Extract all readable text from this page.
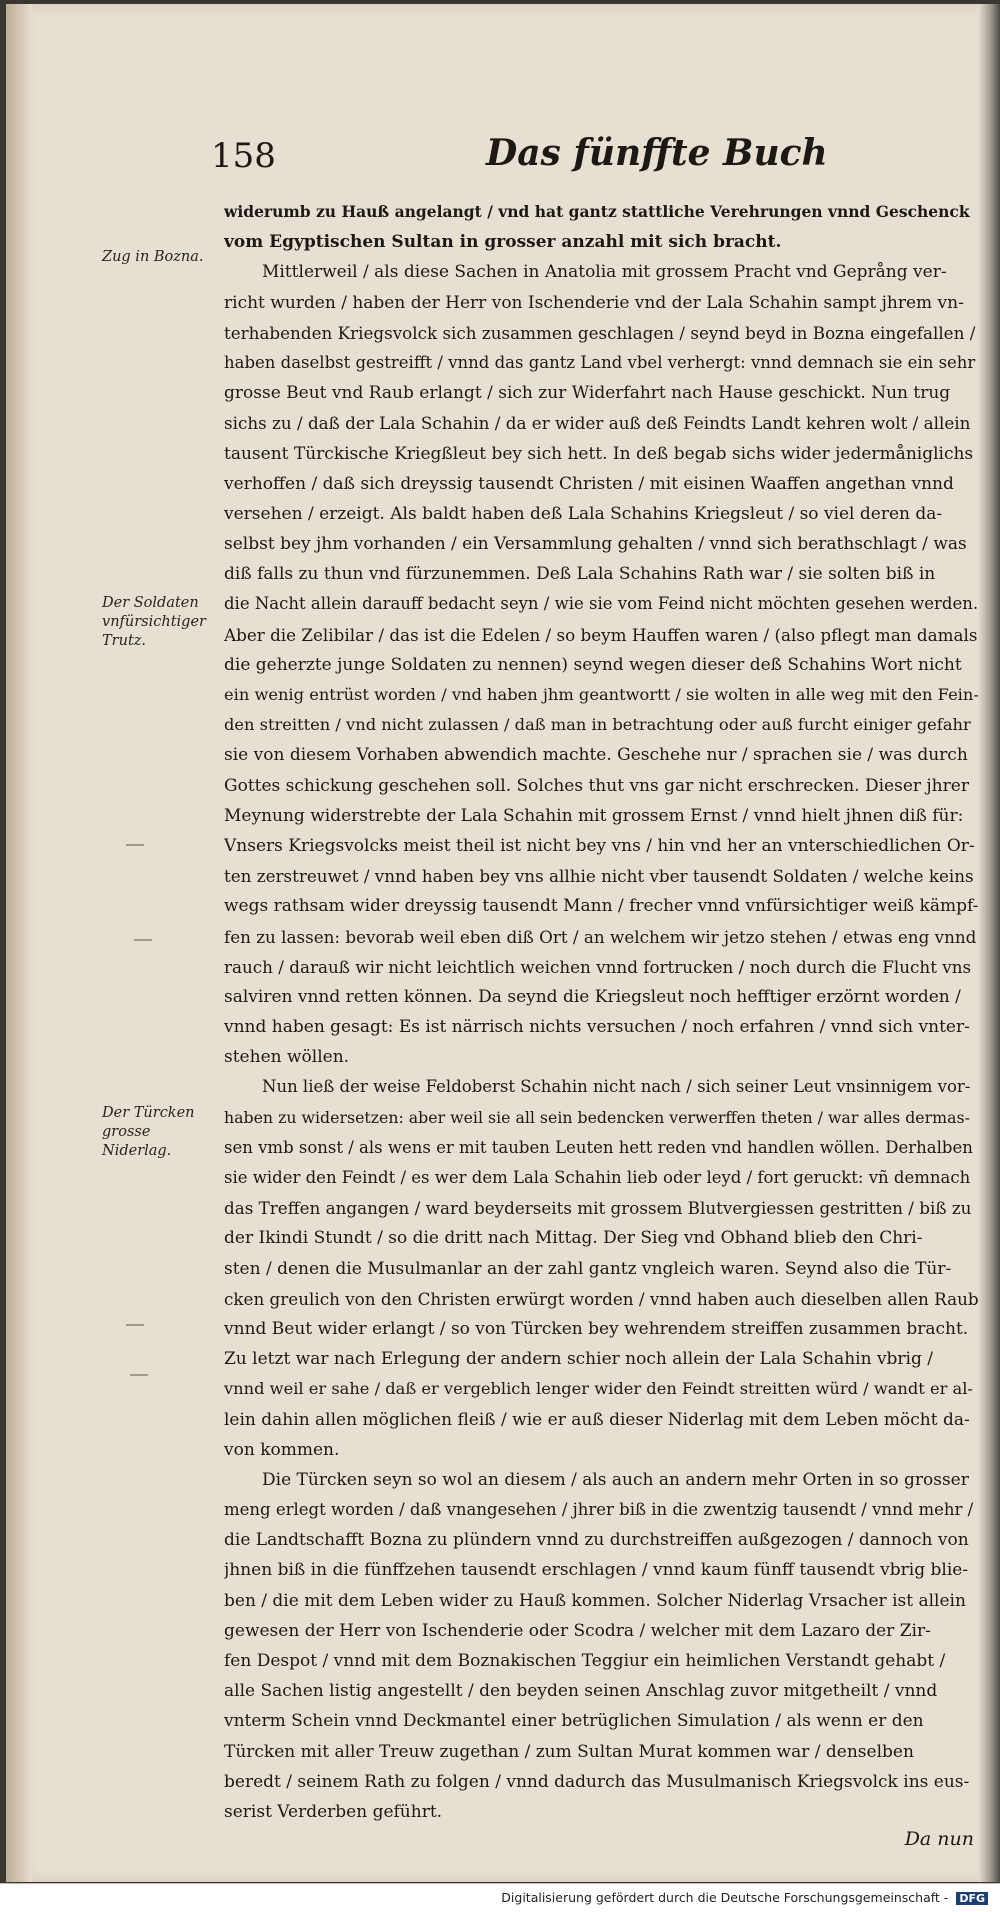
158	Das fünffte Buch
Zug in Bozna.
Der Soldaten vnfürsichtiger Trutz.
Der Türcken grosse Niderlag.
widerumb zu Hauß angelangt / vnd hat gantz stattliche Verehrungen vnnd Geschenck
vom Egyptischen Sultan in grosser anzahl mit sich bracht.
Mittlerweil / als diese Sachen in Anatolia mit grossem Pracht vnd Geprång ver-
richt wurden / haben der Herr von Ischenderie vnd der Lala Schahin sampt jhrem vn-
terhabenden Kriegsvolck sich zusammen geschlagen / seynd beyd in Bozna eingefallen /
haben daselbst gestreifft / vnnd das gantz Land vbel verhergt: vnnd demnach sie ein sehr
grosse Beut vnd Raub erlangt / sich zur Widerfahrt nach Hause geschickt. Nun trug
sichs zu / daß der Lala Schahin / da er wider auß deß Feindts Landt kehren wolt / allein
tausent Türckische Kriegßleut bey sich hett. In deß begab sichs wider jedermåniglichs
verhoffen / daß sich dreyssig tausendt Christen / mit eisinen Waaffen angethan vnnd
versehen / erzeigt. Als baldt haben deß Lala Schahins Kriegsleut / so viel deren da-
selbst bey jhm vorhanden / ein Versammlung gehalten / vnnd sich berathschlagt / was
diß falls zu thun vnd fürzunemmen. Deß Lala Schahins Rath war / sie solten biß in
die Nacht allein darauff bedacht seyn / wie sie vom Feind nicht möchten gesehen werden.
Aber die Zelibilar / das ist die Edelen / so beym Hauffen waren / (also pflegt man damals
die geherzte junge Soldaten zu nennen) seynd wegen dieser deß Schahins Wort nicht
ein wenig entrüst worden / vnd haben jhm geantwortt / sie wolten in alle weg mit den Fein-
den streitten / vnd nicht zulassen / daß man in betrachtung oder auß furcht einiger gefahr
sie von diesem Vorhaben abwendich machte. Geschehe nur / sprachen sie / was durch
Gottes schickung geschehen soll. Solches thut vns gar nicht erschrecken. Dieser jhrer
Meynung widerstrebte der Lala Schahin mit grossem Ernst / vnnd hielt jhnen diß für:
Vnsers Kriegsvolcks meist theil ist nicht bey vns / hin vnd her an vnterschiedlichen Or-
ten zerstreuwet / vnnd haben bey vns allhie nicht vber tausendt Soldaten / welche keins
wegs rathsam wider dreyssig tausendt Mann / frecher vnnd vnfürsichtiger weiß kämpf-
fen zu lassen: bevorab weil eben diß Ort / an welchem wir jetzo stehen / etwas eng vnnd
rauch / darauß wir nicht leichtlich weichen vnnd fortrucken / noch durch die Flucht vns
salviren vnnd retten können. Da seynd die Kriegsleut noch hefftiger erzörnt worden /
vnnd haben gesagt: Es ist närrisch nichts versuchen / noch erfahren / vnnd sich vnter-
stehen wöllen.
Nun ließ der weise Feldoberst Schahin nicht nach / sich seiner Leut vnsinnigem vor-
haben zu widersetzen: aber weil sie all sein bedencken verwerffen theten / war alles dermas-
sen vmb sonst / als wens er mit tauben Leuten hett reden vnd handlen wöllen. Derhalben
sie wider den Feindt / es wer dem Lala Schahin lieb oder leyd / fort geruckt: vñ demnach
das Treffen angangen / ward beyderseits mit grossem Blutvergiessen gestritten / biß zu
der Ikindi Stundt / so die dritt nach Mittag. Der Sieg vnd Obhand blieb den Chri-
sten / denen die Musulmanlar an der zahl gantz vngleich waren. Seynd also die Tür-
cken greulich von den Christen erwürgt worden / vnnd haben auch dieselben allen Raub
vnnd Beut wider erlangt / so von Türcken bey wehrendem streiffen zusammen bracht.
Zu letzt war nach Erlegung der andern schier noch allein der Lala Schahin vbrig /
vnnd weil er sahe / daß er vergeblich lenger wider den Feindt streitten würd / wandt er al-
lein dahin allen möglichen fleiß / wie er auß dieser Niderlag mit dem Leben möcht da-
von kommen.
Die Türcken seyn so wol an diesem / als auch an andern mehr Orten in so grosser
meng erlegt worden / daß vnangesehen / jhrer biß in die zwentzig tausendt / vnnd mehr /
die Landtschafft Bozna zu plündern vnnd zu durchstreiffen außgezogen / dannoch von
jhnen biß in die fünffzehen tausendt erschlagen / vnnd kaum fünff tausendt vbrig blie-
ben / die mit dem Leben wider zu Hauß kommen. Solcher Niderlag Vrsacher ist allein
gewesen der Herr von Ischenderie oder Scodra / welcher mit dem Lazaro der Zir-
fen Despot / vnnd mit dem Boznakischen Teggiur ein heimlichen Verstandt gehabt /
alle Sachen listig angestellt / den beyden seinen Anschlag zuvor mitgetheilt / vnnd
vnterm Schein vnnd Deckmantel einer betrüglichen Simulation / als wenn er den
Türcken mit aller Treuw zugethan / zum Sultan Murat kommen war / denselben
beredt / seinem Rath zu folgen / vnnd dadurch das Musulmanisch Kriegsvolck ins eus-
serist Verderben geführt.
Da nun
Digitalisierung gefördert durch die Deutsche Forschungsgemeinschaft - DFG
